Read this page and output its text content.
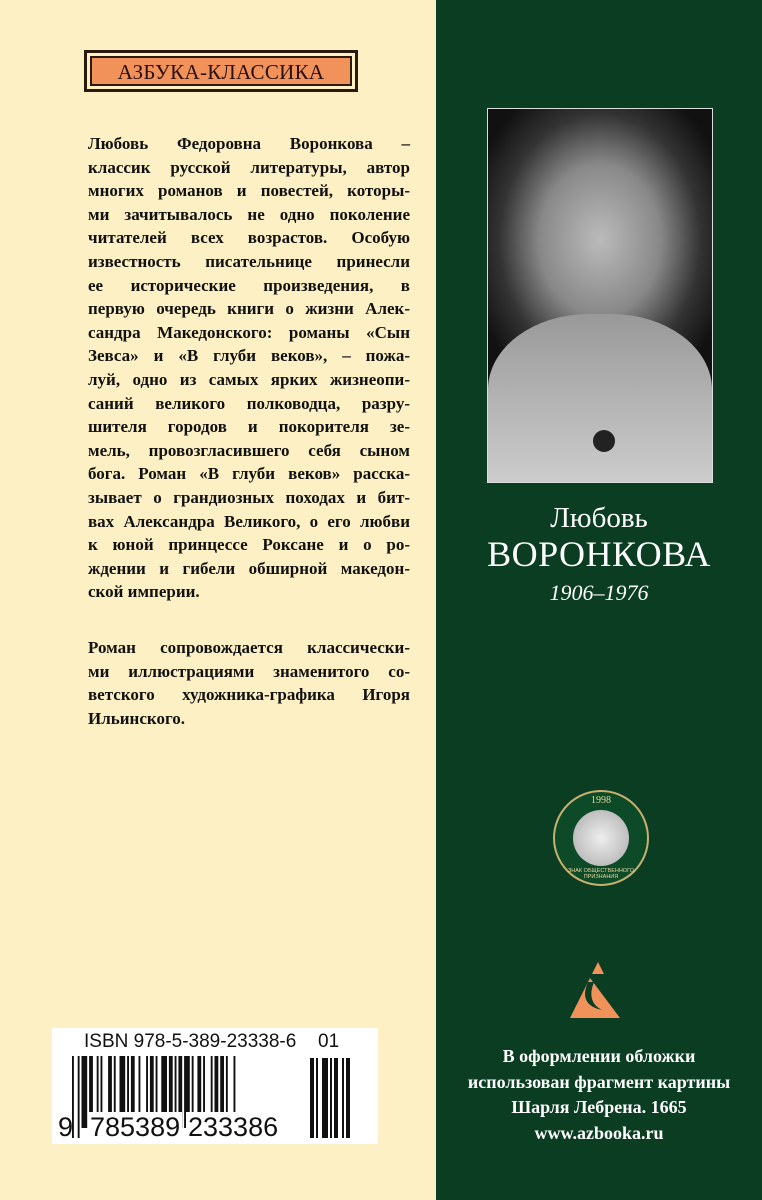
АЗБУКА-КЛАССИКА
Любовь Федоровна Воронкова –
классик русской литературы, автор
многих романов и повестей, которы-
ми зачитывалось не одно поколение
читателей всех возрастов. Особую
известность писательнице принесли
ее исторические произведения, в
первую очередь книги о жизни Алек-
сандра Македонского: романы «Сын
Зевса» и «В глуби веков», – пожа-
луй, одно из самых ярких жизнеопи-
саний великого полководца, разру-
шителя городов и покорителя зе-
мель, провозгласившего себя сыном
бога. Роман «В глуби веков» расска-
зывает о грандиозных походах и бит-
вах Александра Великого, о его любви
к юной принцессе Роксане и о ро-
ждении и гибели обширной македон-
ской империи.
Роман сопровождается классически-
ми иллюстрациями знаменитого со-
ветского художника-графика Игоря
Ильинского.
Любовь
ВОРОНКОВА
1906–1976
1998
ЗНАК ОБЩЕСТВЕННОГО ПРИЗНАНИЯ
В оформлении обложки
использован фрагмент картины
Шарля Лебрена. 1665
www.azbooka.ru
ISBN 978-5-389-23338-6 01
9 785389 233386
